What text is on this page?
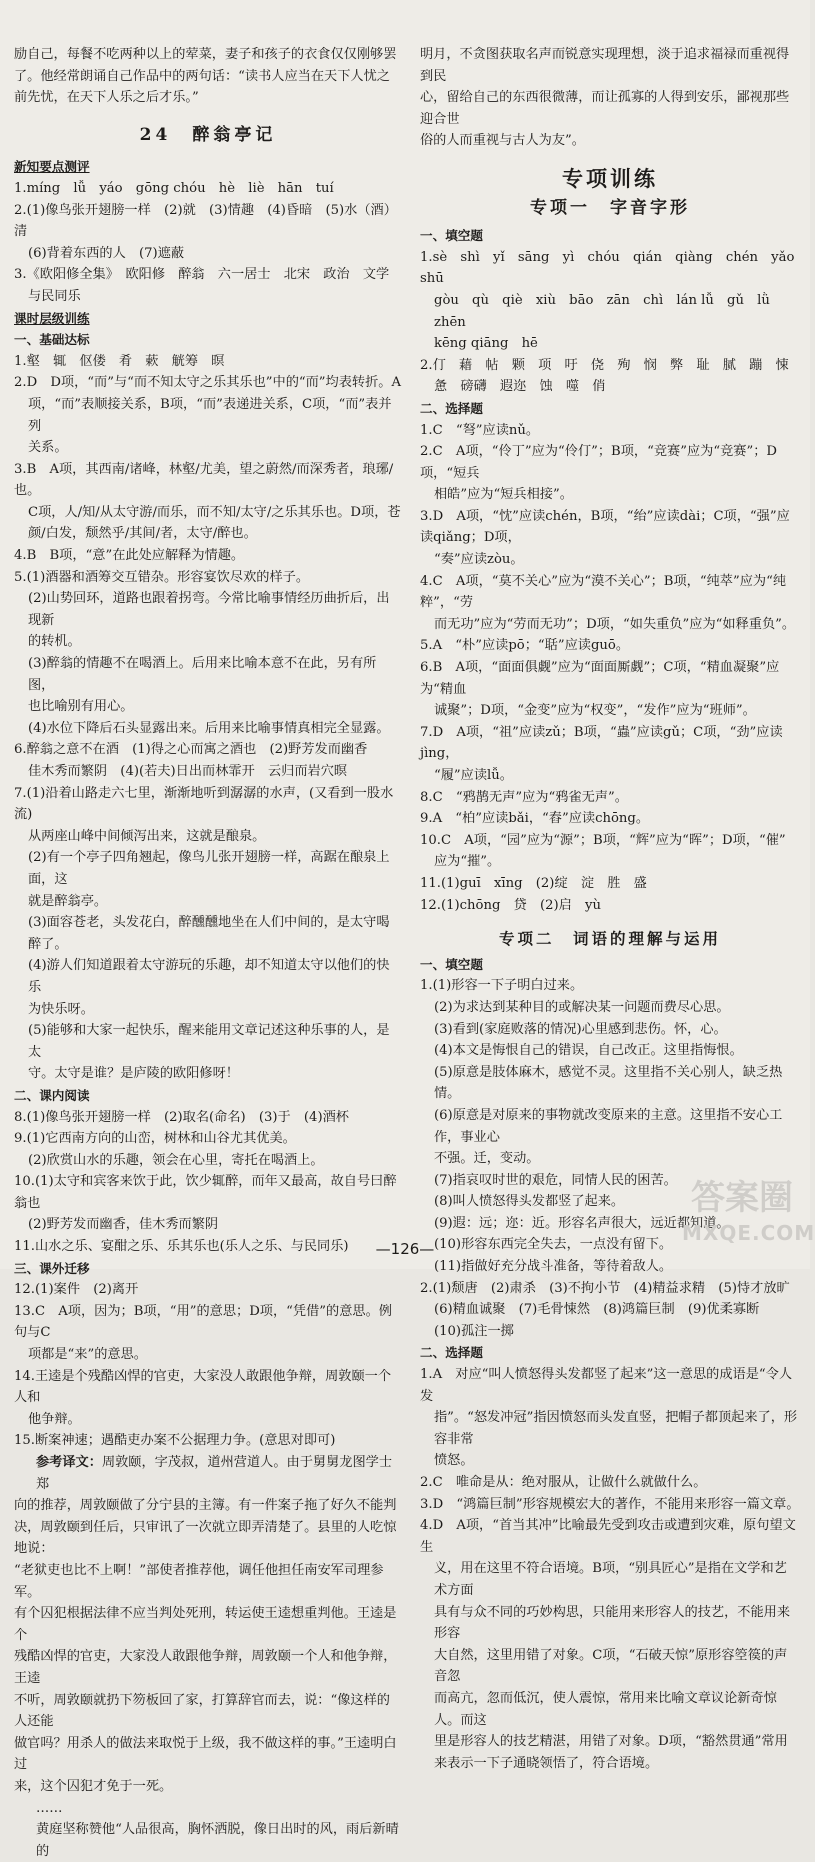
励自己，每餐不吃两种以上的荤菜，妻子和孩子的衣食仅仅刚够罢

了。他经常朗诵自己作品中的两句话：“读书人应当在天下人忧之

前先忧，在天下人乐之后才乐。”

24　醉翁亭记

新知要点测评

1.míng　lǚ　yáo　gōng chóu　hè　liè　hān　tuí

2.(1)像鸟张开翅膀一样　(2)就　(3)情趣　(4)昏暗　(5)水（酒）清

(6)背着东西的人　(7)遮蔽

3.《欧阳修全集》　欧阳修　醉翁　六一居士　北宋　政治　文学

与民同乐

课时层级训练

一、基础达标

1.壑　辄　伛偻　肴　蔌　觥筹　暝

2.D　D项，“而”与“而不知太守之乐其乐也”中的“而”均表转折。A

项，“而”表顺接关系，B项，“而”表递进关系，C项，“而”表并列

关系。

3.B　A项，其西南/诸峰，林壑/尤美，望之蔚然/而深秀者，琅琊/也。

C项，人/知/从太守游/而乐，而不知/太守/之乐其乐也。D项，苍

颜/白发，颓然乎/其间/者，太守/醉也。

4.B　B项，“意”在此处应解释为情趣。

5.(1)酒器和酒筹交互错杂。形容宴饮尽欢的样子。

(2)山势回环，道路也跟着拐弯。今常比喻事情经历曲折后，出现新

的转机。

(3)醉翁的情趣不在喝酒上。后用来比喻本意不在此，另有所图，

也比喻别有用心。

(4)水位下降后石头显露出来。后用来比喻事情真相完全显露。

6.醉翁之意不在酒　(1)得之心而寓之酒也　(2)野芳发而幽香

佳木秀而繁阴　(4)(若夫)日出而林霏开　云归而岩穴暝

7.(1)沿着山路走六七里，渐渐地听到潺潺的水声，(又看到一股水流)

从两座山峰中间倾泻出来，这就是酿泉。

(2)有一个亭子四角翘起，像鸟儿张开翅膀一样，高踞在酿泉上面，这

就是醉翁亭。

(3)面容苍老，头发花白，醉醺醺地坐在人们中间的，是太守喝醉了。

(4)游人们知道跟着太守游玩的乐趣，却不知道太守以他们的快乐

为快乐呀。

(5)能够和大家一起快乐，醒来能用文章记述这种乐事的人，是太

守。太守是谁？是庐陵的欧阳修呀！

二、课内阅读

8.(1)像鸟张开翅膀一样　(2)取名(命名)　(3)于　(4)酒杯

9.(1)它西南方向的山峦，树林和山谷尤其优美。

(2)欣赏山水的乐趣，领会在心里，寄托在喝酒上。

10.(1)太守和宾客来饮于此，饮少辄醉，而年又最高，故自号曰醉翁也

(2)野芳发而幽香，佳木秀而繁阴

11.山水之乐、宴酣之乐、乐其乐也(乐人之乐、与民同乐)

三、课外迁移

12.(1)案件　(2)离开

13.C　A项，因为；B项，“用”的意思；D项，“凭借”的意思。例句与C

项都是“来”的意思。

14.王逵是个残酷凶悍的官吏，大家没人敢跟他争辩，周敦颐一个人和

他争辩。

15.断案神速；遇酷吏办案不公据理力争。(意思对即可)

参考译文：周敦颐，字茂叔，道州营道人。由于舅舅龙图学士郑

向的推荐，周敦颐做了分宁县的主簿。有一件案子拖了好久不能判

决，周敦颐到任后，只审讯了一次就立即弄清楚了。县里的人吃惊地说：

“老狱吏也比不上啊！”部使者推荐他，调任他担任南安军司理参军。

有个囚犯根据法律不应当判处死刑，转运使王逵想重判他。王逵是个

残酷凶悍的官吏，大家没人敢跟他争辩，周敦颐一个人和他争辩，王逵

不听，周敦颐就扔下笏板回了家，打算辞官而去，说：“像这样的人还能

做官吗？用杀人的做法来取悦于上级，我不做这样的事。”王逵明白过

来，这个囚犯才免于一死。

……

黄庭坚称赞他“人品很高，胸怀洒脱，像日出时的风，雨后新晴的

明月，不贪图获取名声而锐意实现理想，淡于追求福禄而重视得到民

心，留给自己的东西很微薄，而让孤寡的人得到安乐，鄙视那些迎合世

俗的人而重视与古人为友”。

专项训练
专项一　字音字形

一、填空题

1.sè　shì　yǐ　sāng　yì　chóu　qián　qiàng　chén　yǎo　shū

gòu　qù　qiè　xiù　bāo　zān　chì　lán lǚ　gǔ　lǜ　zhēn

kēng qiāng　hē

2.仃　藉　帖　颗　项　吁　侥　殉　悯　弊　耻　腻　蹦　悚

惫　磅礴　遐迩　蚀　噬　俏

二、选择题

1.C　“弩”应读nǔ。

2.C　A项，“伶丁”应为“伶仃”；B项，“竞赛”应为“竞赛”；D项，“短兵

相皓”应为“短兵相接”。

3.D　A项，“忱”应读chén，B项，“绐”应读dài；C项，“强”应读qiǎng；D项，

“奏”应读zòu。

4.C　A项，“莫不关心”应为“漠不关心”；B项，“纯萃”应为“纯粹”，“劳

而无功”应为“劳而无功”；D项，“如失重负”应为“如释重负”。

5.A　“朴”应读pō；“聒”应读guō。

6.B　A项，“面面俱觑”应为“面面厮觑”；C项，“精血凝聚”应为“精血

诚聚”；D项，“金变”应为“权变”，“发作”应为“班师”。

7.D　A项，“祖”应读zǔ；B项，“蟲”应读gǔ；C项，“劲”应读jìng，

“履”应读lǚ。

8.C　“鸦鹊无声”应为“鸦雀无声”。

9.A　“柏”应读bǎi，“舂”应读chōng。

10.C　A项，“园”应为“源”；B项，“辉”应为“晖”；D项，“催”

应为“摧”。

11.(1)guī　xīng　(2)绽　淀　胜　盛

12.(1)chōng　贷　(2)启　yù

专项二　词语的理解与运用

一、填空题

1.(1)形容一下子明白过来。

(2)为求达到某种目的或解决某一问题而费尽心思。

(3)看到(家庭败落的情况)心里感到悲伤。怀，心。

(4)本文是悔恨自己的错误，自己改正。这里指悔恨。

(5)原意是肢体麻木，感觉不灵。这里指不关心别人，缺乏热情。

(6)原意是对原来的事物就改变原来的主意。这里指不安心工作，事业心

不强。迁，变动。

(7)指哀叹时世的艰危，同情人民的困苦。

(8)叫人愤怒得头发都竖了起来。

(9)遐：远；迩：近。形容名声很大，远近都知道。

(10)形容东西完全失去，一点没有留下。

(11)指做好充分战斗准备，等待着敌人。

2.(1)颓唐　(2)肃杀　(3)不拘小节　(4)精益求精　(5)恃才放旷

(6)精血诚聚　(7)毛骨悚然　(8)鸿篇巨制　(9)优柔寡断

(10)孤注一掷

二、选择题

1.A　对应“叫人愤怒得头发都竖了起来”这一意思的成语是“令人发

指”。“怒发冲冠”指因愤怒而头发直竖，把帽子都顶起来了，形容非常

愤怒。

2.C　唯命是从：绝对服从，让做什么就做什么。

3.D　“鸿篇巨制”形容规模宏大的著作，不能用来形容一篇文章。

4.D　A项，“首当其冲”比喻最先受到攻击或遭到灾难，原句望文生

义，用在这里不符合语境。B项，“别具匠心”是指在文学和艺术方面

具有与众不同的巧妙构思，只能用来形容人的技艺，不能用来形容

大自然，这里用错了对象。C项，“石破天惊”原形容箜篌的声音忽

而高亢，忽而低沉，使人震惊，常用来比喻文章议论新奇惊人。而这

里是形容人的技艺精湛，用错了对象。D项，“豁然贯通”常用

来表示一下子通晓领悟了，符合语境。

—126—
答案圈
MXQE.COM
